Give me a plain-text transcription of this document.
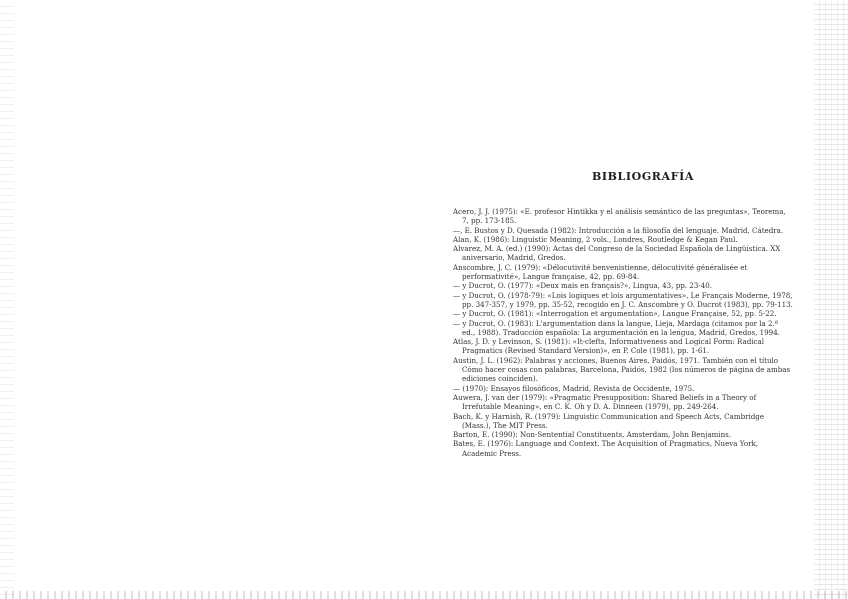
BIBLIOGRAFÍA
Acero, J. J. (1975): «E. profesor Hintikka y el análisis semántico de las preguntas», Teorema, 7, pp. 173-185.
—, E. Bustos y D. Quesada (1982): Introducción a la filosofía del lenguaje. Madrid, Cátedra.
Alan, K. (1986): Linguistic Meaning, 2 vols., Londres, Routledge & Kegan Paul.
Alvarez, M. A. (ed.) (1990): Actas del Congreso de la Sociedad Española de Lingüística. XX aniversario, Madrid, Gredos.
Anscombre, J. C. (1979): «Délocutivité benvenistienne, délocutivité généralisée et performativité», Langue française, 42, pp. 69-84.
— y Ducrot, O. (1977): «Deux mais en français?», Lingua, 43, pp. 23-40.
— y Ducrot, O. (1978-79): «Lois logiques et lois argumentatives», Le Français Moderne, 1978, pp. 347-357, y 1979, pp. 35-52, recogido en J. C. Anscombre y O. Ducrot (1983), pp. 79-113.
— y Ducrot, O. (1981): «Interrogation et argumentation», Langue Française, 52, pp. 5-22.
— y Ducrot, O. (1983): L'argumentation dans la langue, Lieja, Mardaga (citamos por la 2.ª ed., 1988). Traducción española: La argumentación en la lengua, Madrid, Gredos, 1994.
Atlas, J. D. y Levinson, S. (1981): «It-clefts, Informativeness and Logical Form: Radical Pragmatics (Revised Standard Version)», en P. Cole (1981), pp. 1-61.
Austin, J. L. (1962): Palabras y acciones, Buenos Aires, Paidós, 1971. También con el título Cómo hacer cosas con palabras, Barcelona, Paidós, 1982 (los números de página de ambas ediciones coinciden).
— (1970): Ensayos filosóficos, Madrid, Revista de Occidente, 1975.
Auwera, J. van der (1979): «Pragmatic Presupposition: Shared Beliefs in a Theory of Irrefutable Meaning», en C. K. Oh y D. A. Dinneen (1979), pp. 249-264.
Bach, K. y Harnish, R. (1979): Linguistic Communication and Speech Acts, Cambridge (Mass.), The MIT Press.
Barton, E. (1990): Non-Sentential Constituents, Amsterdam, John Benjamins.
Bates, E. (1976): Language and Context. The Acquisition of Pragmatics, Nueva York, Academic Press.
